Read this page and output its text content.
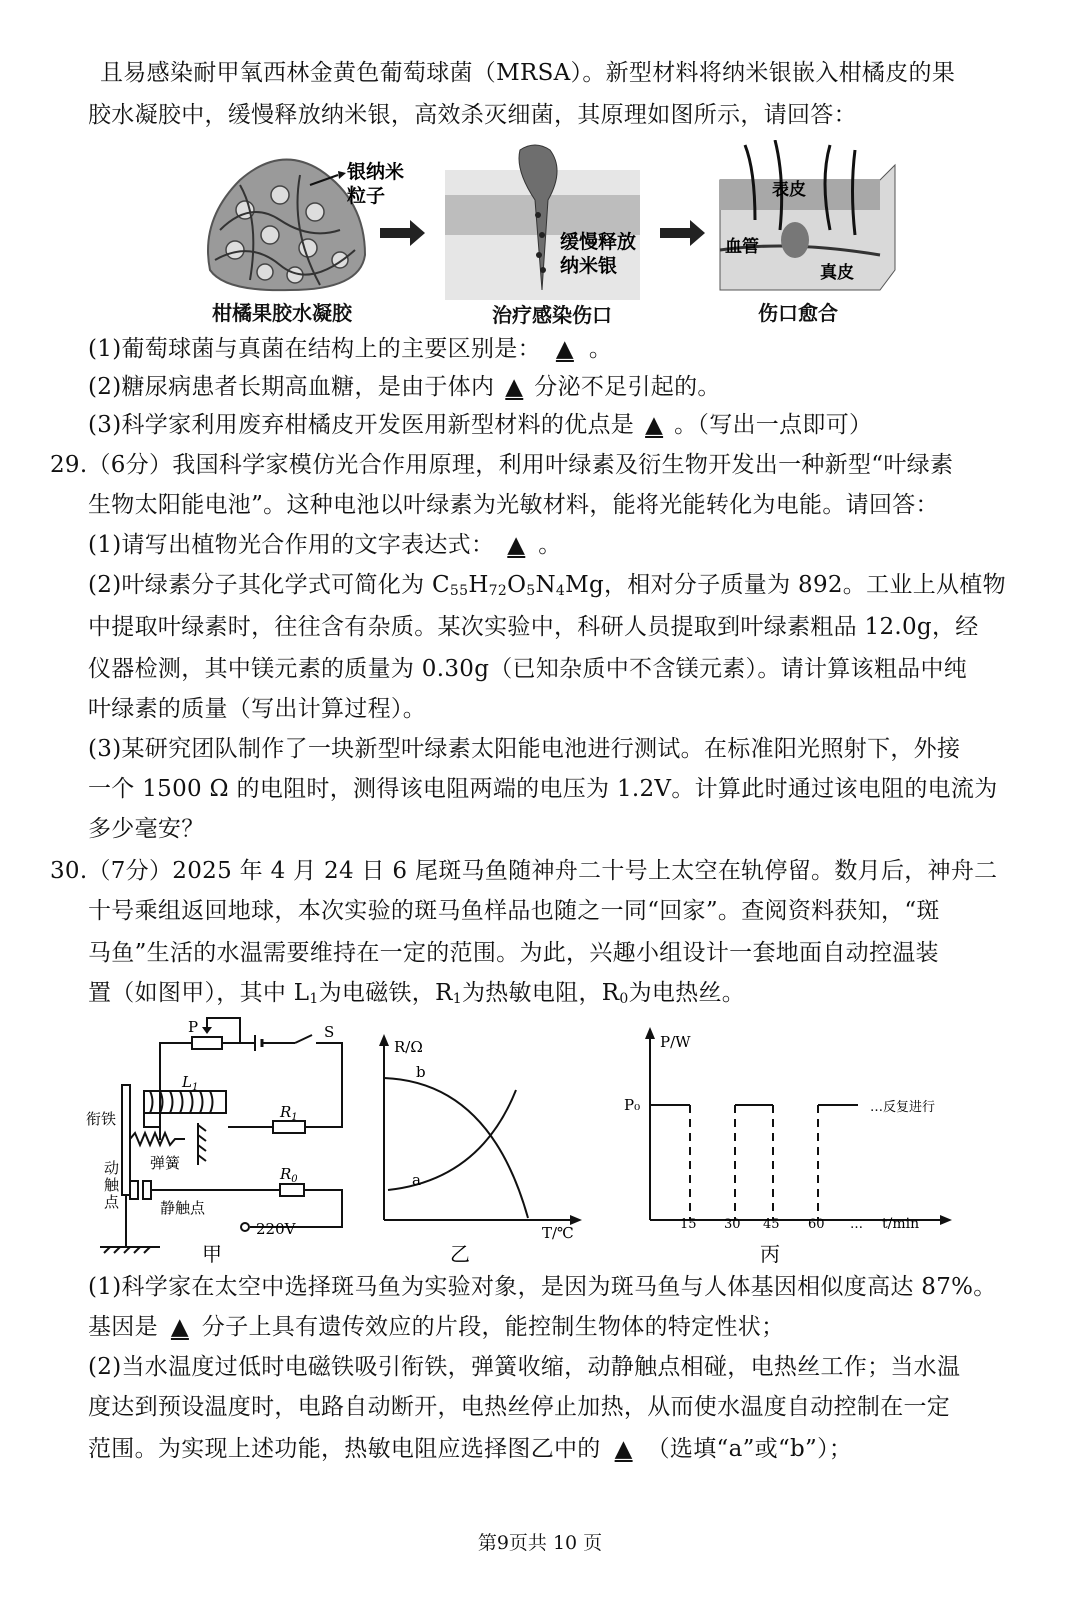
且易感染耐甲氧西林金黄色葡萄球菌（MRSA）。新型材料将纳米银嵌入柑橘皮的果
胶水凝胶中，缓慢释放纳米银，高效杀灭细菌，其原理如图所示，请回答：
银纳米
粒子
缓慢释放
纳米银
表皮
血管
真皮
柑橘果胶水凝胶	治疗感染伤口	伤口愈合
(1)葡萄球菌与真菌在结构上的主要区别是： ▲ 。
(2)糖尿病患者长期高血糖，是由于体内 ▲ 分泌不足引起的。
(3)科学家利用废弃柑橘皮开发医用新型材料的优点是 ▲ 。（写出一点即可）
29.（6分）我国科学家模仿光合作用原理，利用叶绿素及衍生物开发出一种新型“叶绿素
生物太阳能电池”。这种电池以叶绿素为光敏材料，能将光能转化为电能。请回答：
(1)请写出植物光合作用的文字表达式： ▲ 。
(2)叶绿素分子其化学式可简化为 $C_{55}H_{72}O_5N_4Mg$，相对分子质量为 892。工业上从植物
中提取叶绿素时，往往含有杂质。某次实验中，科研人员提取到叶绿素粗品 12.0g，经
仪器检测，其中镁元素的质量为 0.30g（已知杂质中不含镁元素）。请计算该粗品中纯
叶绿素的质量（写出计算过程）。
(3)某研究团队制作了一块新型叶绿素太阳能电池进行测试。在标准阳光照射下，外接
一个 1500 Ω 的电阻时，测得该电阻两端的电压为 1.2V。计算此时通过该电阻的电流为
多少毫安？
30.（7分）2025 年 4 月 24 日 6 尾斑马鱼随神舟二十号上太空在轨停留。数月后，神舟二
十号乘组返回地球，本次实验的斑马鱼样品也随之一同“回家”。查阅资料获知，“斑
马鱼”生活的水温需要维持在一定的范围。为此，兴趣小组设计一套地面自动控温装
置（如图甲），其中 $L_1$为电磁铁，$R_1$为热敏电阻，$R_0$为电热丝。
P	S
$L_1$
$R_1$
$R_0$
衔铁
弹簧
动
触
点	静触点
220V
甲
R/Ω
b
a
T/℃
乙
P/W
P₀	…反复进行
15 30 45 60 … t/min
丙
(1)科学家在太空中选择斑马鱼为实验对象，是因为斑马鱼与人体基因相似度高达 87%。
基因是 ▲ 分子上具有遗传效应的片段，能控制生物体的特定性状；
(2)当水温度过低时电磁铁吸引衔铁，弹簧收缩，动静触点相碰，电热丝工作；当水温
度达到预设温度时，电路自动断开，电热丝停止加热，从而使水温度自动控制在一定
范围。为实现上述功能，热敏电阻应选择图乙中的 ▲ （选填“a”或“b”）；
第9页共 10 页
